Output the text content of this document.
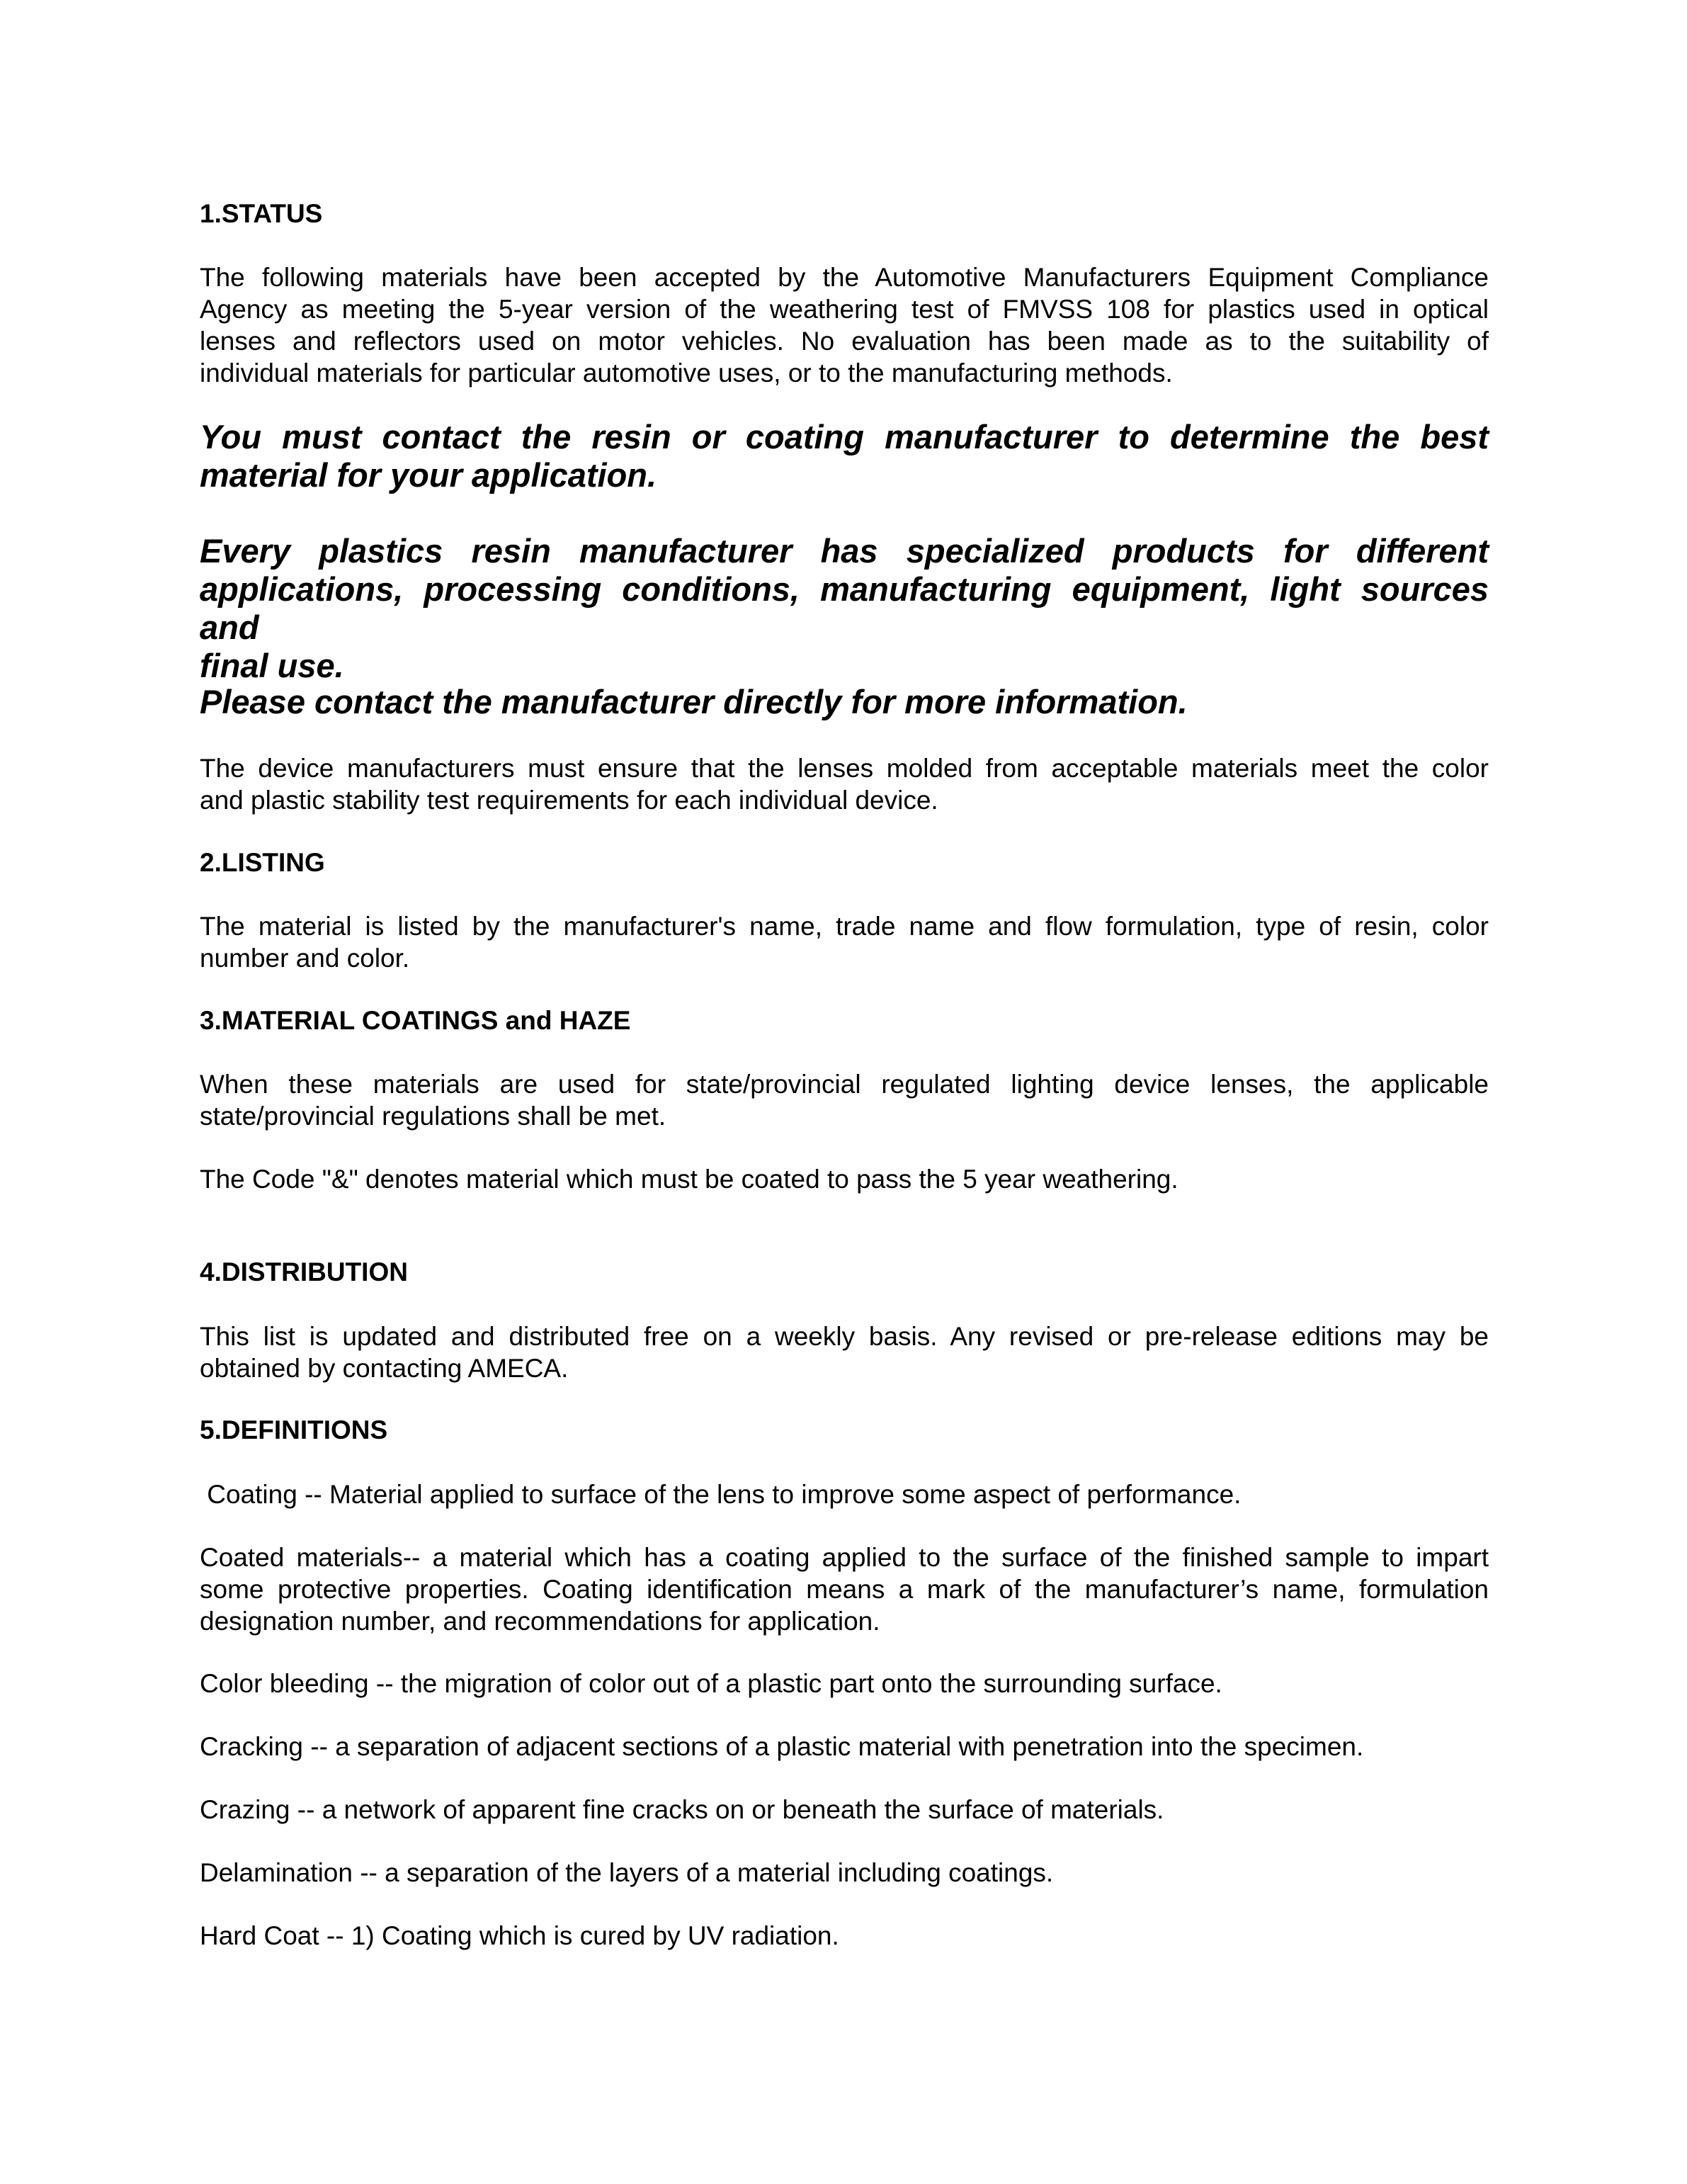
1.STATUS
The following materials have been accepted by the Automotive Manufacturers Equipment Compliance
Agency as meeting the 5-year version of the weathering test of FMVSS 108 for plastics used in optical
lenses and reflectors used on motor vehicles. No evaluation has been made as to the suitability of
individual materials for particular automotive uses, or to the manufacturing methods.
You must contact the resin or coating manufacturer to determine the best
material for your application.
Every plastics resin manufacturer has specialized products for different
applications, processing conditions, manufacturing equipment, light sources and
final use.
Please contact the manufacturer directly for more information.
The device manufacturers must ensure that the lenses molded from acceptable materials meet the color
and plastic stability test requirements for each individual device.
2.LISTING
The material is listed by the manufacturer's name, trade name and flow formulation, type of resin, color
number and color.
3.MATERIAL COATINGS and HAZE
When these materials are used for state/provincial regulated lighting device lenses, the applicable
state/provincial regulations shall be met.
The Code "&" denotes material which must be coated to pass the 5 year weathering.
4.DISTRIBUTION
This list is updated and distributed free on a weekly basis. Any revised or pre-release editions may be
obtained by contacting AMECA.
5.DEFINITIONS
Coating -- Material applied to surface of the lens to improve some aspect of performance.
Coated materials-- a material which has a coating applied to the surface of the finished sample to impart
some protective properties. Coating identification means a mark of the manufacturer’s name, formulation
designation number, and recommendations for application.
Color bleeding -- the migration of color out of a plastic part onto the surrounding surface.
Cracking -- a separation of adjacent sections of a plastic material with penetration into the specimen.
Crazing -- a network of apparent fine cracks on or beneath the surface of materials.
Delamination -- a separation of the layers of a material including coatings.
Hard Coat -- 1) Coating which is cured by UV radiation.
